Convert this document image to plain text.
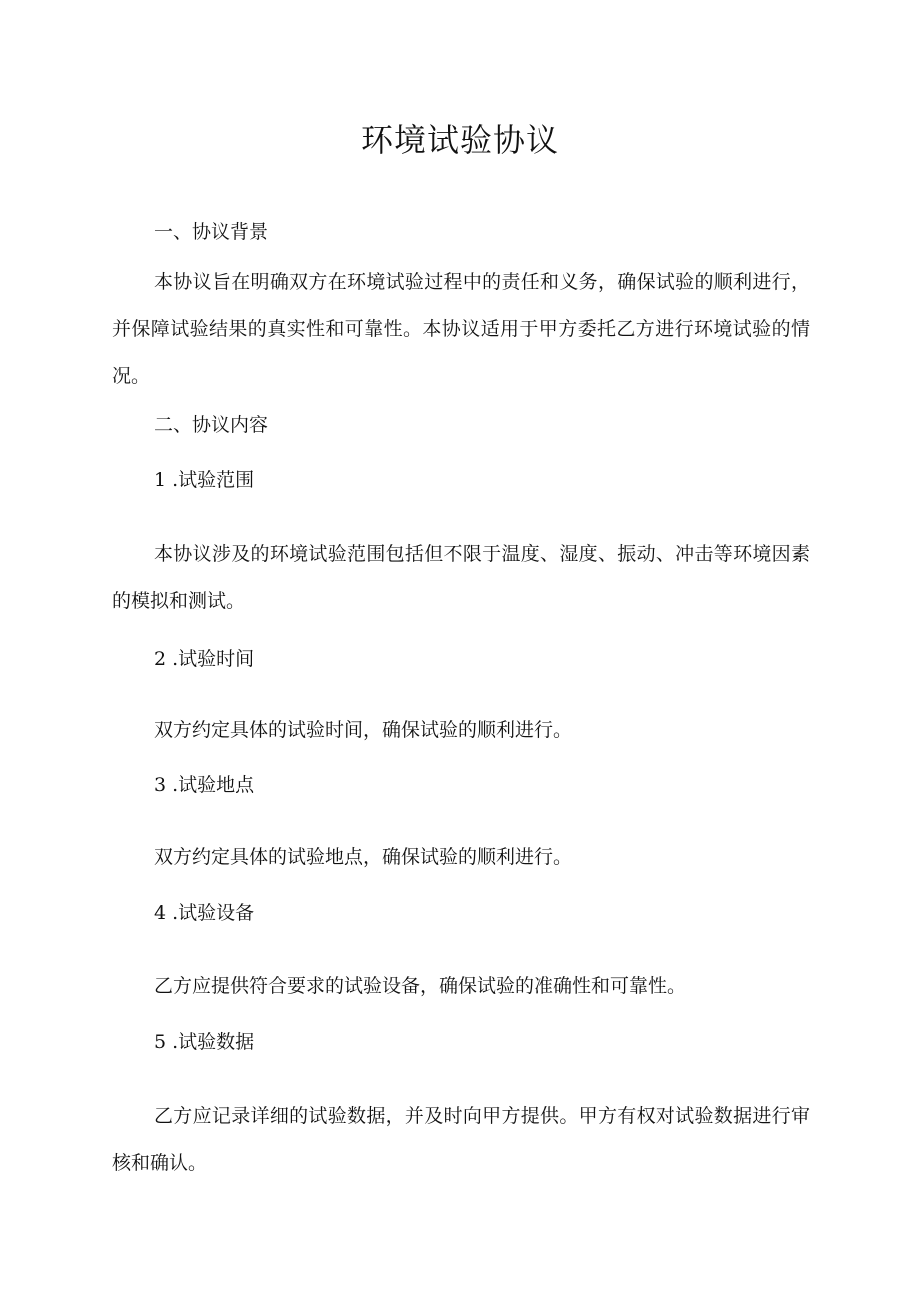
环境试验协议

一、协议背景

本协议旨在明确双方在环境试验过程中的责任和义务，确保试验的顺利进行，并保障试验结果的真实性和可靠性。本协议适用于甲方委托乙方进行环境试验的情况。

二、协议内容

1 .试验范围

本协议涉及的环境试验范围包括但不限于温度、湿度、振动、冲击等环境因素的模拟和测试。

2 .试验时间

双方约定具体的试验时间，确保试验的顺利进行。

3 .试验地点

双方约定具体的试验地点，确保试验的顺利进行。

4 .试验设备

乙方应提供符合要求的试验设备，确保试验的准确性和可靠性。

5 .试验数据

乙方应记录详细的试验数据，并及时向甲方提供。甲方有权对试验数据进行审核和确认。
